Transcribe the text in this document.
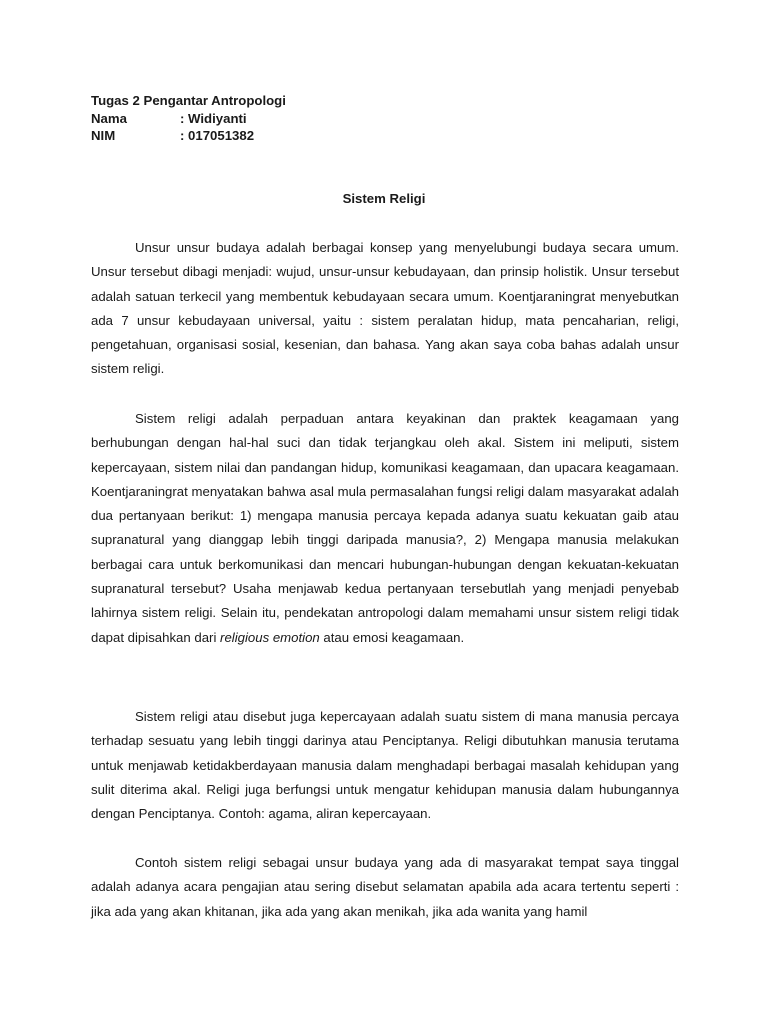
Tugas 2 Pengantar Antropologi
Nama	: Widiyanti
NIM	: 017051382
Sistem Religi

Unsur unsur budaya adalah berbagai konsep yang menyelubungi budaya secara umum. Unsur tersebut dibagi menjadi: wujud, unsur-unsur kebudayaan, dan prinsip holistik. Unsur tersebut adalah satuan terkecil yang membentuk kebudayaan secara umum. Koentjaraningrat menyebutkan ada 7 unsur kebudayaan universal, yaitu : sistem peralatan hidup, mata pencaharian, religi, pengetahuan, organisasi sosial, kesenian, dan bahasa. Yang akan saya coba bahas adalah unsur sistem religi.

Sistem religi adalah perpaduan antara keyakinan dan praktek keagamaan yang berhubungan dengan hal-hal suci dan tidak terjangkau oleh akal. Sistem ini meliputi, sistem kepercayaan, sistem nilai dan pandangan hidup, komunikasi keagamaan, dan upacara keagamaan. Koentjaraningrat menyatakan bahwa asal mula permasalahan fungsi religi dalam masyarakat adalah dua pertanyaan berikut: 1) mengapa manusia percaya kepada adanya suatu kekuatan gaib atau supranatural yang dianggap lebih tinggi daripada manusia?, 2) Mengapa manusia melakukan berbagai cara untuk berkomunikasi dan mencari hubungan-hubungan dengan kekuatan-kekuatan supranatural tersebut? Usaha menjawab kedua pertanyaan tersebutlah yang menjadi penyebab lahirnya sistem religi. Selain itu, pendekatan antropologi dalam memahami unsur sistem religi tidak dapat dipisahkan dari religious emotion atau emosi keagamaan.

Sistem religi atau disebut juga kepercayaan adalah suatu sistem di mana manusia percaya terhadap sesuatu yang lebih tinggi darinya atau Penciptanya. Religi dibutuhkan manusia terutama untuk menjawab ketidakberdayaan manusia dalam menghadapi berbagai masalah kehidupan yang sulit diterima akal. Religi juga berfungsi untuk mengatur kehidupan manusia dalam hubungannya dengan Penciptanya. Contoh: agama, aliran kepercayaan.

Contoh sistem religi sebagai unsur budaya yang ada di masyarakat tempat saya tinggal adalah adanya acara pengajian atau sering disebut selamatan apabila ada acara tertentu seperti : jika ada yang akan khitanan, jika ada yang akan menikah, jika ada wanita yang hamil
